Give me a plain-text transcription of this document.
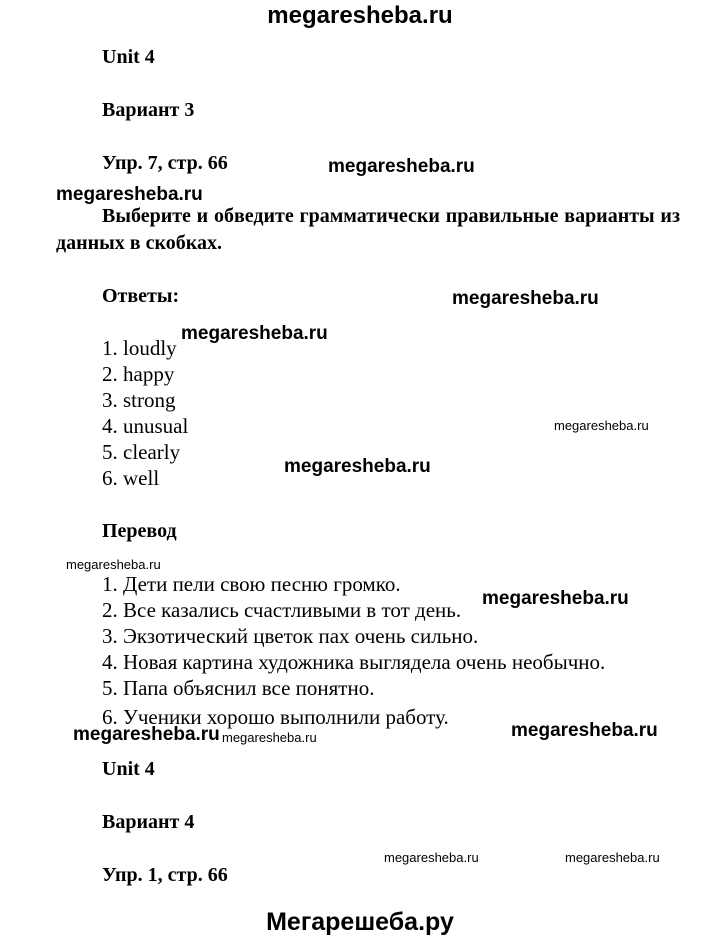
megaresheba.ru
Unit 4
Вариант 3
Упр. 7, стр. 66
Выберите и обведите грамматически правильные варианты из данных в скобках.
Ответы:
1. loudly
2. happy
3. strong
4. unusual
5. clearly
6. well
Перевод
1. Дети пели свою песню громко.
2. Все казались счастливыми в тот день.
3. Экзотический цветок пах очень сильно.
4. Новая картина художника выглядела очень необычно.
5. Папа объяснил все понятно.
6. Ученики хорошо выполнили работу.
Unit 4
Вариант 4
Упр. 1, стр. 66
megaresheba.ru
megaresheba.ru
megaresheba.ru
megaresheba.ru
megaresheba.ru
megaresheba.ru
megaresheba.ru
megaresheba.ru
megaresheba.ru megaresheba.ru	megaresheba.ru
megaresheba.ru	megaresheba.ru
Мегарешеба.ру
